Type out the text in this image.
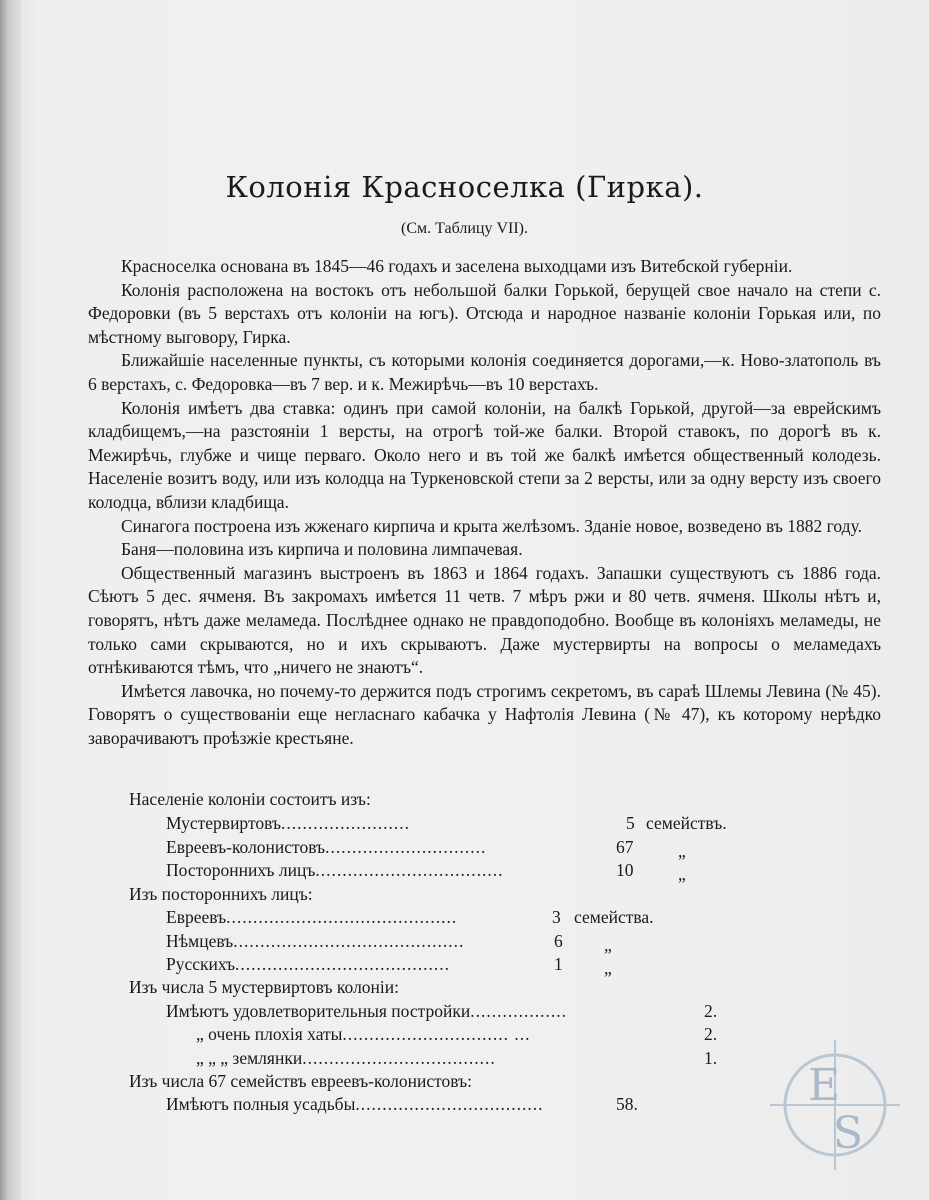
Колонія Красноселка (Гирка).
(См. Таблицу VII).

Красноселка основана въ 1845—46 годахъ и заселена выходцами изъ Витебской губерніи.

Колонія расположена на востокъ отъ небольшой балки Горькой, берущей свое начало на степи с. Федоровки (въ 5 верстахъ отъ колоніи на югъ). Отсюда и народное названіе колоніи Горькая или, по мѣстному выговору, Гирка.

Ближайшіе населенные пункты, съ которыми колонія соединяется дорогами,—к. Ново-златополь въ 6 верстахъ, с. Федоровка—въ 7 вер. и к. Межирѣчь—въ 10 верстахъ.

Колонія имѣетъ два ставка: одинъ при самой колоніи, на балкѣ Горькой, другой—за еврейскимъ кладбищемъ,—на разстояніи 1 версты, на отрогѣ той-же балки. Второй ставокъ, по дорогѣ въ к. Межирѣчь, глубже и чище перваго. Около него и въ той же балкѣ имѣется общественный колодезь. Населеніе возитъ воду, или изъ колодца на Туркеновской степи за 2 версты, или за одну версту изъ своего колодца, вблизи кладбища.

Синагога построена изъ жженаго кирпича и крыта желѣзомъ. Зданіе новое, возведено въ 1882 году.

Баня—половина изъ кирпича и половина лимпачевая.

Общественный магазинъ выстроенъ въ 1863 и 1864 годахъ. Запашки существуютъ съ 1886 года. Сѣютъ 5 дес. ячменя. Въ закромахъ имѣется 11 четв. 7 мѣръ ржи и 80 четв. ячменя. Школы нѣтъ и, говорятъ, нѣтъ даже меламеда. Послѣднее однако не правдоподобно. Вообще въ колоніяхъ меламеды, не только сами скрываются, но и ихъ скрываютъ. Даже мустервирты на вопросы о меламедахъ отнѣкиваются тѣмъ, что „ничего не знаютъ“.

Имѣется лавочка, но почему-то держится подъ строгимъ секретомъ, въ сараѣ Шлемы Левина (№ 45). Говорятъ о существованіи еще негласнаго кабачка у Нафтолія Левина (№ 47), къ которому нерѣдко заворачиваютъ проѣзжіе крестьяне.

Населеніе колоніи состоитъ изъ:
Мустервиртовъ........................	5 семействъ.
Евреевъ-колонистовъ..............................	67	„
Постороннихъ лицъ...................................	10	„
Изъ постороннихъ лицъ:
Евреевъ...........................................	3 семейства.
Нѣмцевъ...........................................	6 „
Русскихъ........................................	1 „
Изъ числа 5 мустервиртовъ колоніи:
Имѣютъ удовлетворительныя постройки..................	2.
„ очень плохія хаты............................... ...	2.
„ „ „ землянки....................................	1.
Изъ числа 67 семействъ евреевъ-колонистовъ:
Имѣютъ полныя усадьбы...................................	58.	E
S
